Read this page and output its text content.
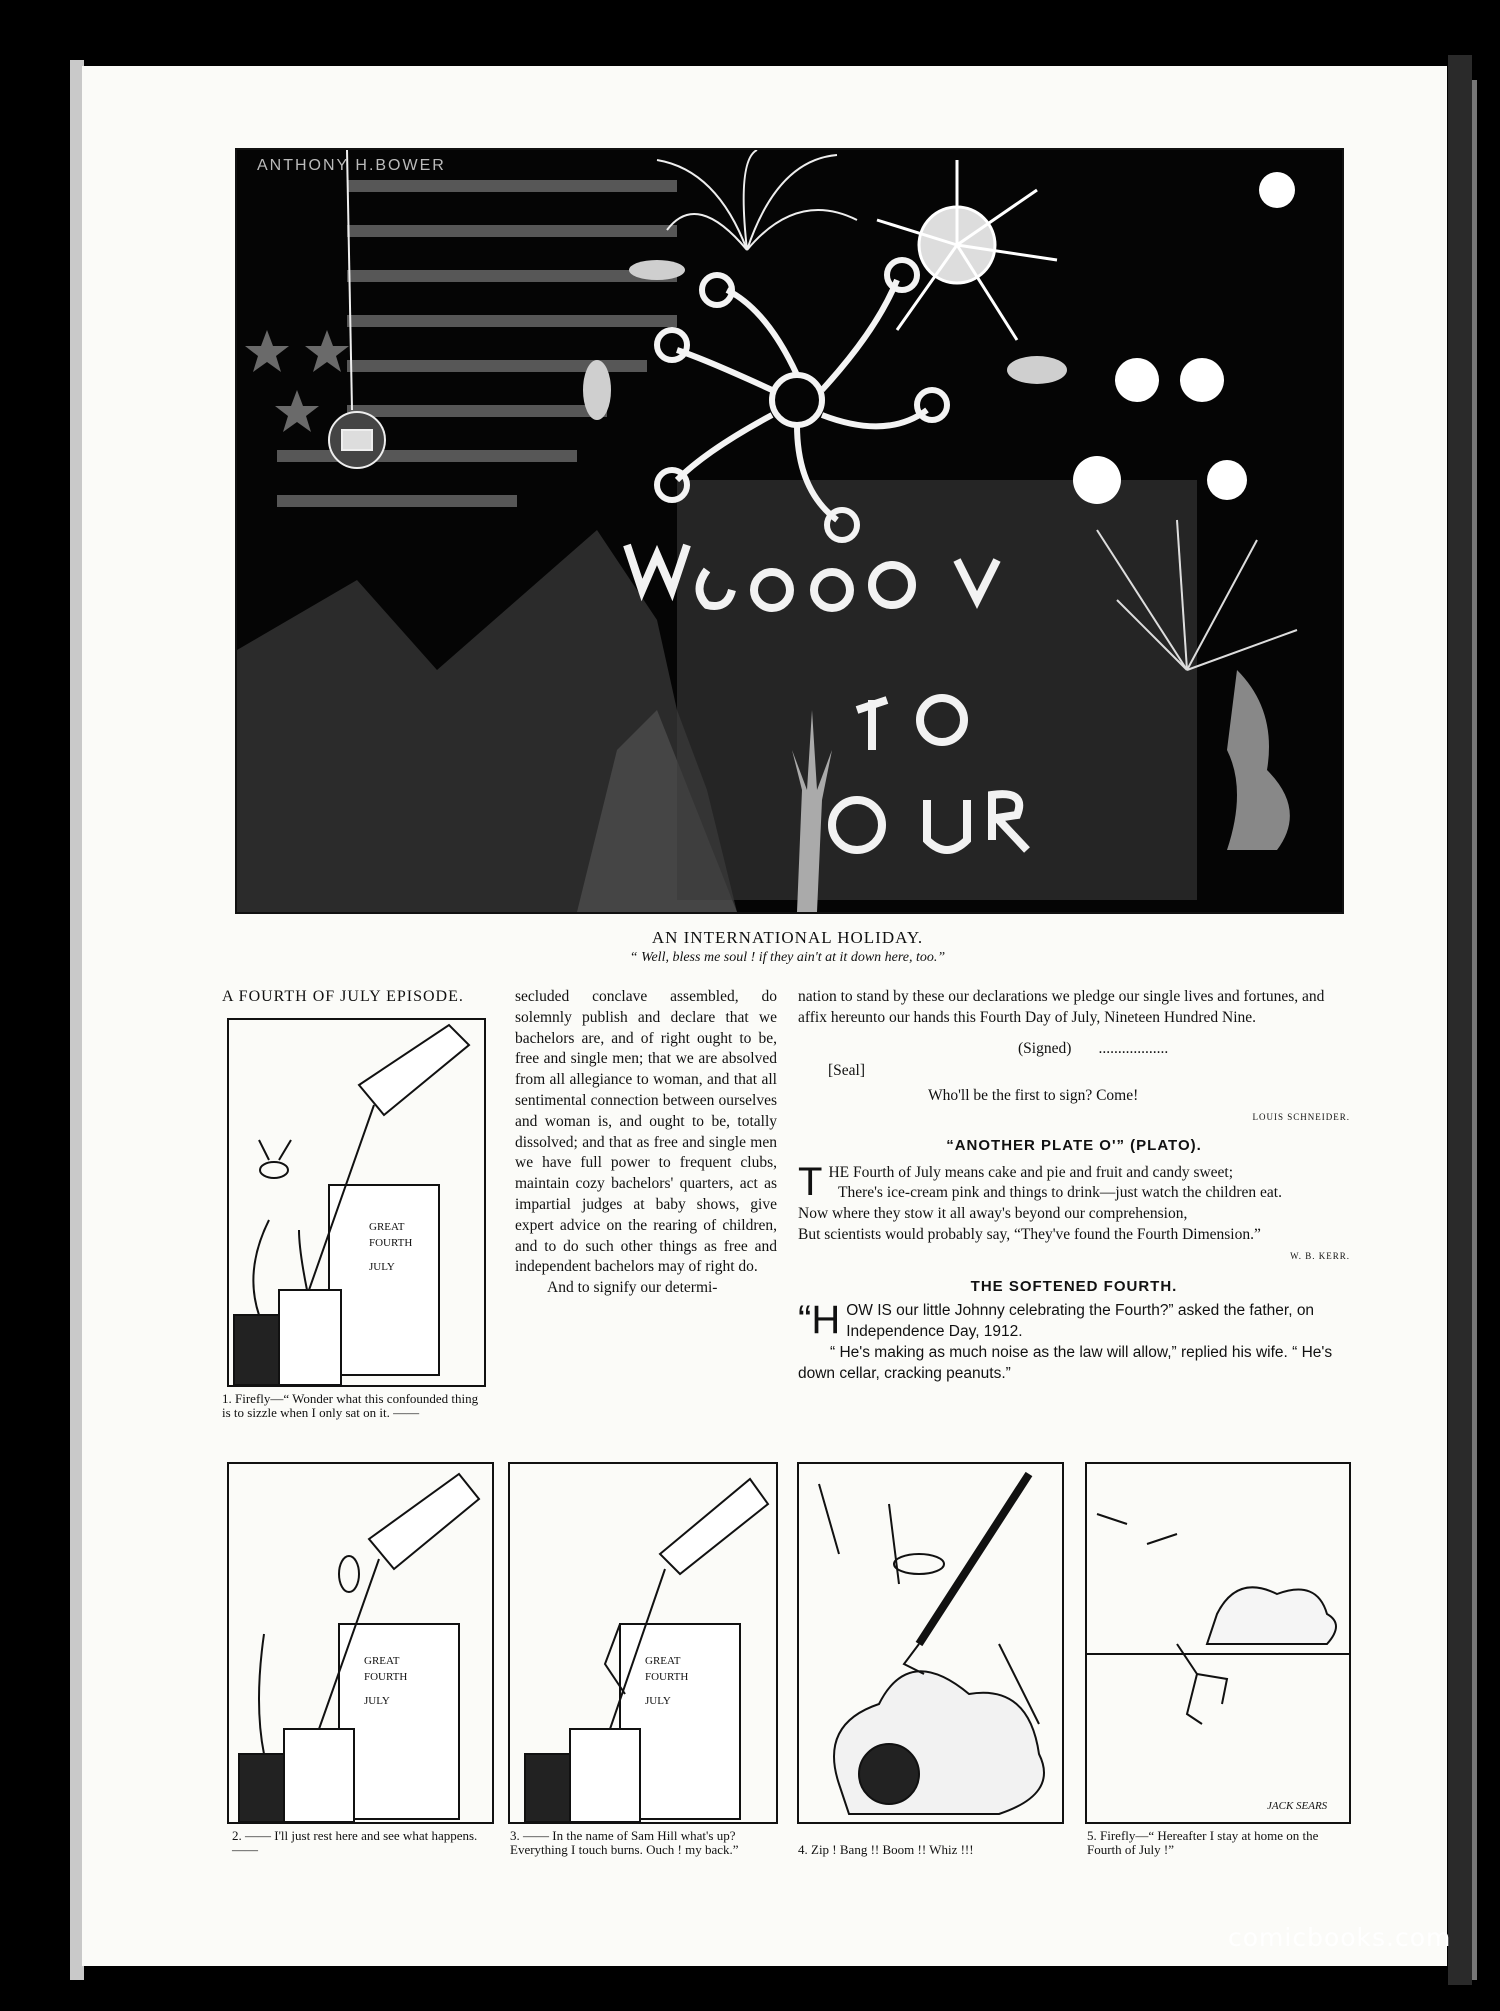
ANTHONY H.BOWER
AN INTERNATIONAL HOLIDAY.
“ Well, bless me soul ! if they ain't at it down here, too.”
A FOURTH OF JULY EPISODE.
GREAT
FOURTH
JULY
1. Firefly—“ Wonder what this confounded thing is to sizzle when I only sat on it. ——

secluded conclave assembled, do solemnly publish and declare that we bachelors are, and of right ought to be, free and single men; that we are absolved from all allegiance to woman, and that all sentimental connection between ourselves and woman is, and ought to be, totally dissolved; and that as free and single men we have full power to frequent clubs, maintain cozy bachelors' quarters, act as impartial judges at baby shows, give expert advice on the rearing of children, and to do such other things as free and independent bachelors may of right do.

And to signify our determi-

nation to stand by these our declarations we pledge our single lives and fortunes, and affix hereunto our hands this Fourth Day of July, Nineteen Hundred Nine.

(Signed) ..................

[Seal]

Who'll be the first to sign? Come!

LOUIS SCHNEIDER.

“ANOTHER PLATE O'” (PLATO).

T HE Fourth of July means cake and pie and fruit and candy sweet;

There's ice-cream pink and things to drink—just watch the children eat.

Now where they stow it all away's beyond our comprehension,

But scientists would probably say, “They've found the Fourth Dimension.”

W. B. KERR.

THE SOFTENED FOURTH.

“H OW IS our little Johnny celebrating the Fourth?” asked the father, on Independence Day, 1912.

“ He's making as much noise as the law will allow,” replied his wife. “ He's down cellar, cracking peanuts.”

GREAT
FOURTH
JULY
2. —— I'll just rest here and see what happens.——
GREAT
FOURTH
JULY
3. —— In the name of Sam Hill what's up? Everything I touch burns. Ouch ! my back.”	4. Zip ! Bang !! Boom !! Whiz !!!
JACK SEARS
5. Firefly—“ Hereafter I stay at home on the Fourth of July !”
comicbooks.com
